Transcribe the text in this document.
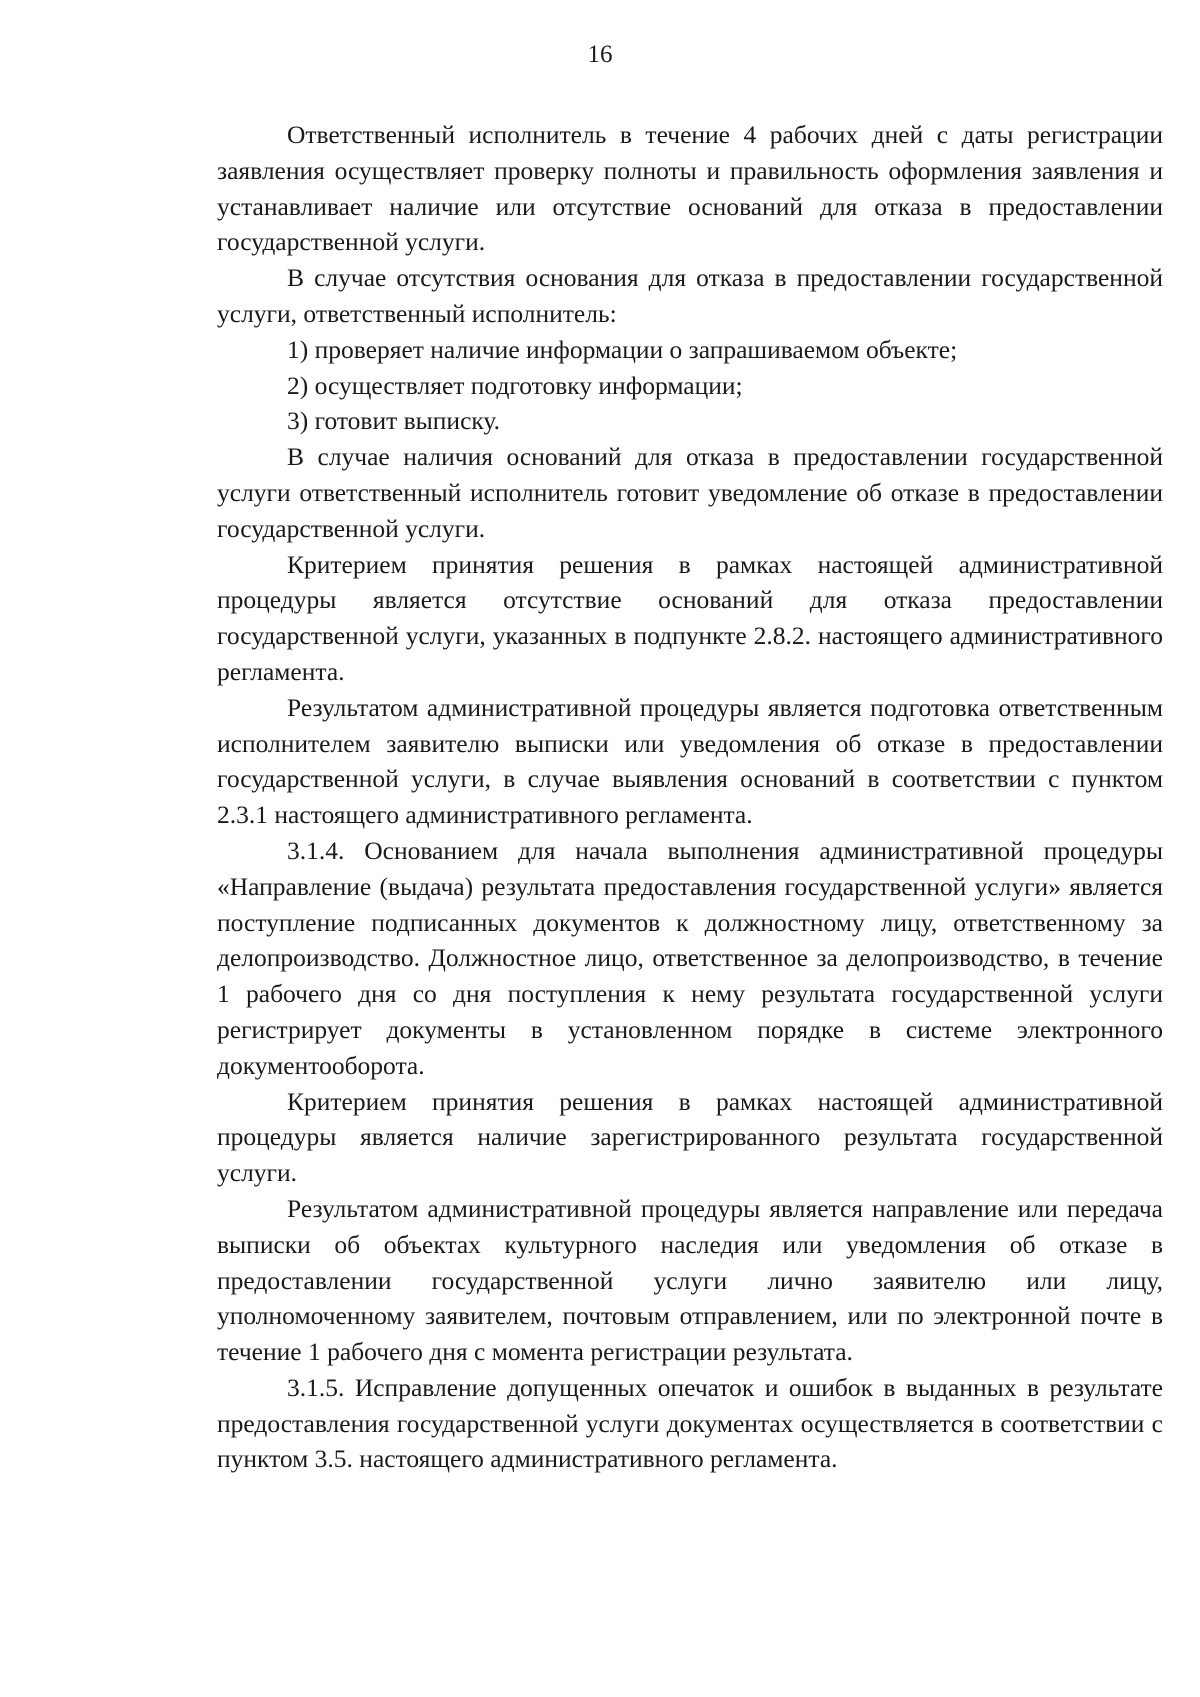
16

Ответственный исполнитель в течение 4 рабочих дней с даты регистрации заявления осуществляет проверку полноты и правильность оформления заявления и устанавливает наличие или отсутствие оснований для отказа в предоставлении государственной услуги.

В случае отсутствия основания для отказа в предоставлении государственной услуги, ответственный исполнитель:

1) проверяет наличие информации о запрашиваемом объекте;

2) осуществляет подготовку информации;

3) готовит выписку.

В случае наличия оснований для отказа в предоставлении государственной услуги ответственный исполнитель готовит уведомление об отказе в предоставлении государственной услуги.

Критерием принятия решения в рамках настоящей административной процедуры является отсутствие оснований для отказа предоставлении государственной услуги, указанных в подпункте 2.8.2. настоящего административного регламента.

Результатом административной процедуры является подготовка ответственным исполнителем заявителю выписки или уведомления об отказе в предоставлении государственной услуги, в случае выявления оснований в соответствии с пунктом 2.3.1 настоящего административного регламента.

3.1.4. Основанием для начала выполнения административной процедуры «Направление (выдача) результата предоставления государственной услуги» является поступление подписанных документов к должностному лицу, ответственному за делопроизводство. Должностное лицо, ответственное за делопроизводство, в течение 1 рабочего дня со дня поступления к нему результата государственной услуги регистрирует документы в установленном порядке в системе электронного документооборота.

Критерием принятия решения в рамках настоящей административной процедуры является наличие зарегистрированного результата государственной услуги.

Результатом административной процедуры является направление или передача выписки об объектах культурного наследия или уведомления об отказе в предоставлении государственной услуги лично заявителю или лицу, уполномоченному заявителем, почтовым отправлением, или по электронной почте в течение 1 рабочего дня с момента регистрации результата.

3.1.5. Исправление допущенных опечаток и ошибок в выданных в результате предоставления государственной услуги документах осуществляется в соответствии с пунктом 3.5. настоящего административного регламента.
